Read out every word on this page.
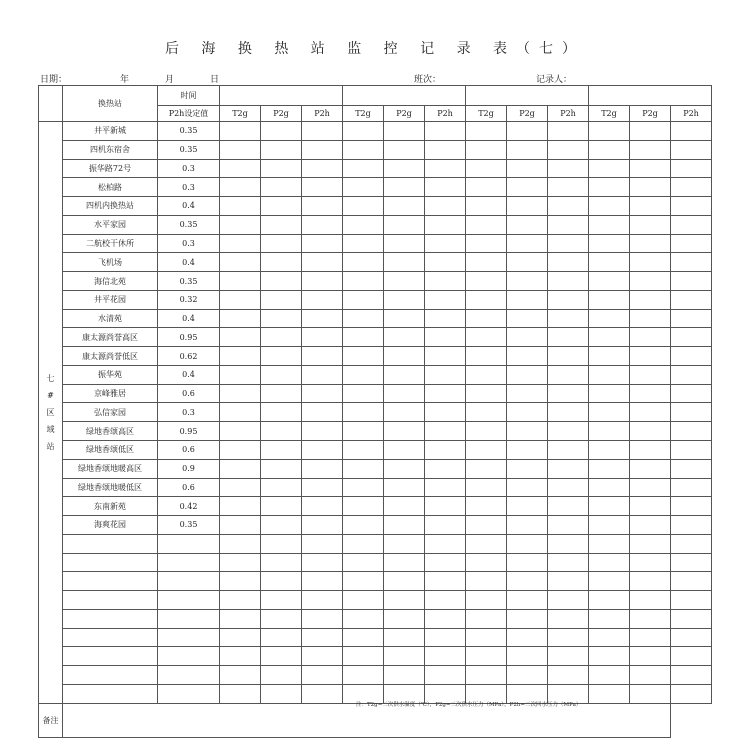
后 海 换 热 站 监 控 记 录 表（七）
日期：	年	月	日	班次：	记录人：
	换热站	时间												
		P2h设定值	T2g	P2g	P2h	T2g	P2g	P2h	T2g	P2g	P2h	T2g	P2g	P2h

七
#
区
域
站	井平新城	0.35												
	四机东宿舍	0.35												
	振华路72号	0.3												
	松柏路	0.3												
	四机内换热站	0.4												
	水平家园	0.35												
	二航校干休所	0.3												
	飞机场	0.4												
	海信北苑	0.35												
	井平花园	0.32												
	水清苑	0.4												
	康太源尚誉高区	0.95												
	康太源尚誉低区	0.62												
	振华苑	0.4												
	京峰雅居	0.6												
	弘信家园	0.3												
	绿地香颂高区	0.95												
	绿地香颂低区	0.6												
	绿地香颂地暖高区	0.9												
	绿地香颂地暖低区	0.6												
	东南新苑	0.42												
	海爽花园	0.35												

备注														
注：T2g=二次供水温度（℃），P2g=二次供水压力（MPa），P2h=二次回水压力（MPa）
